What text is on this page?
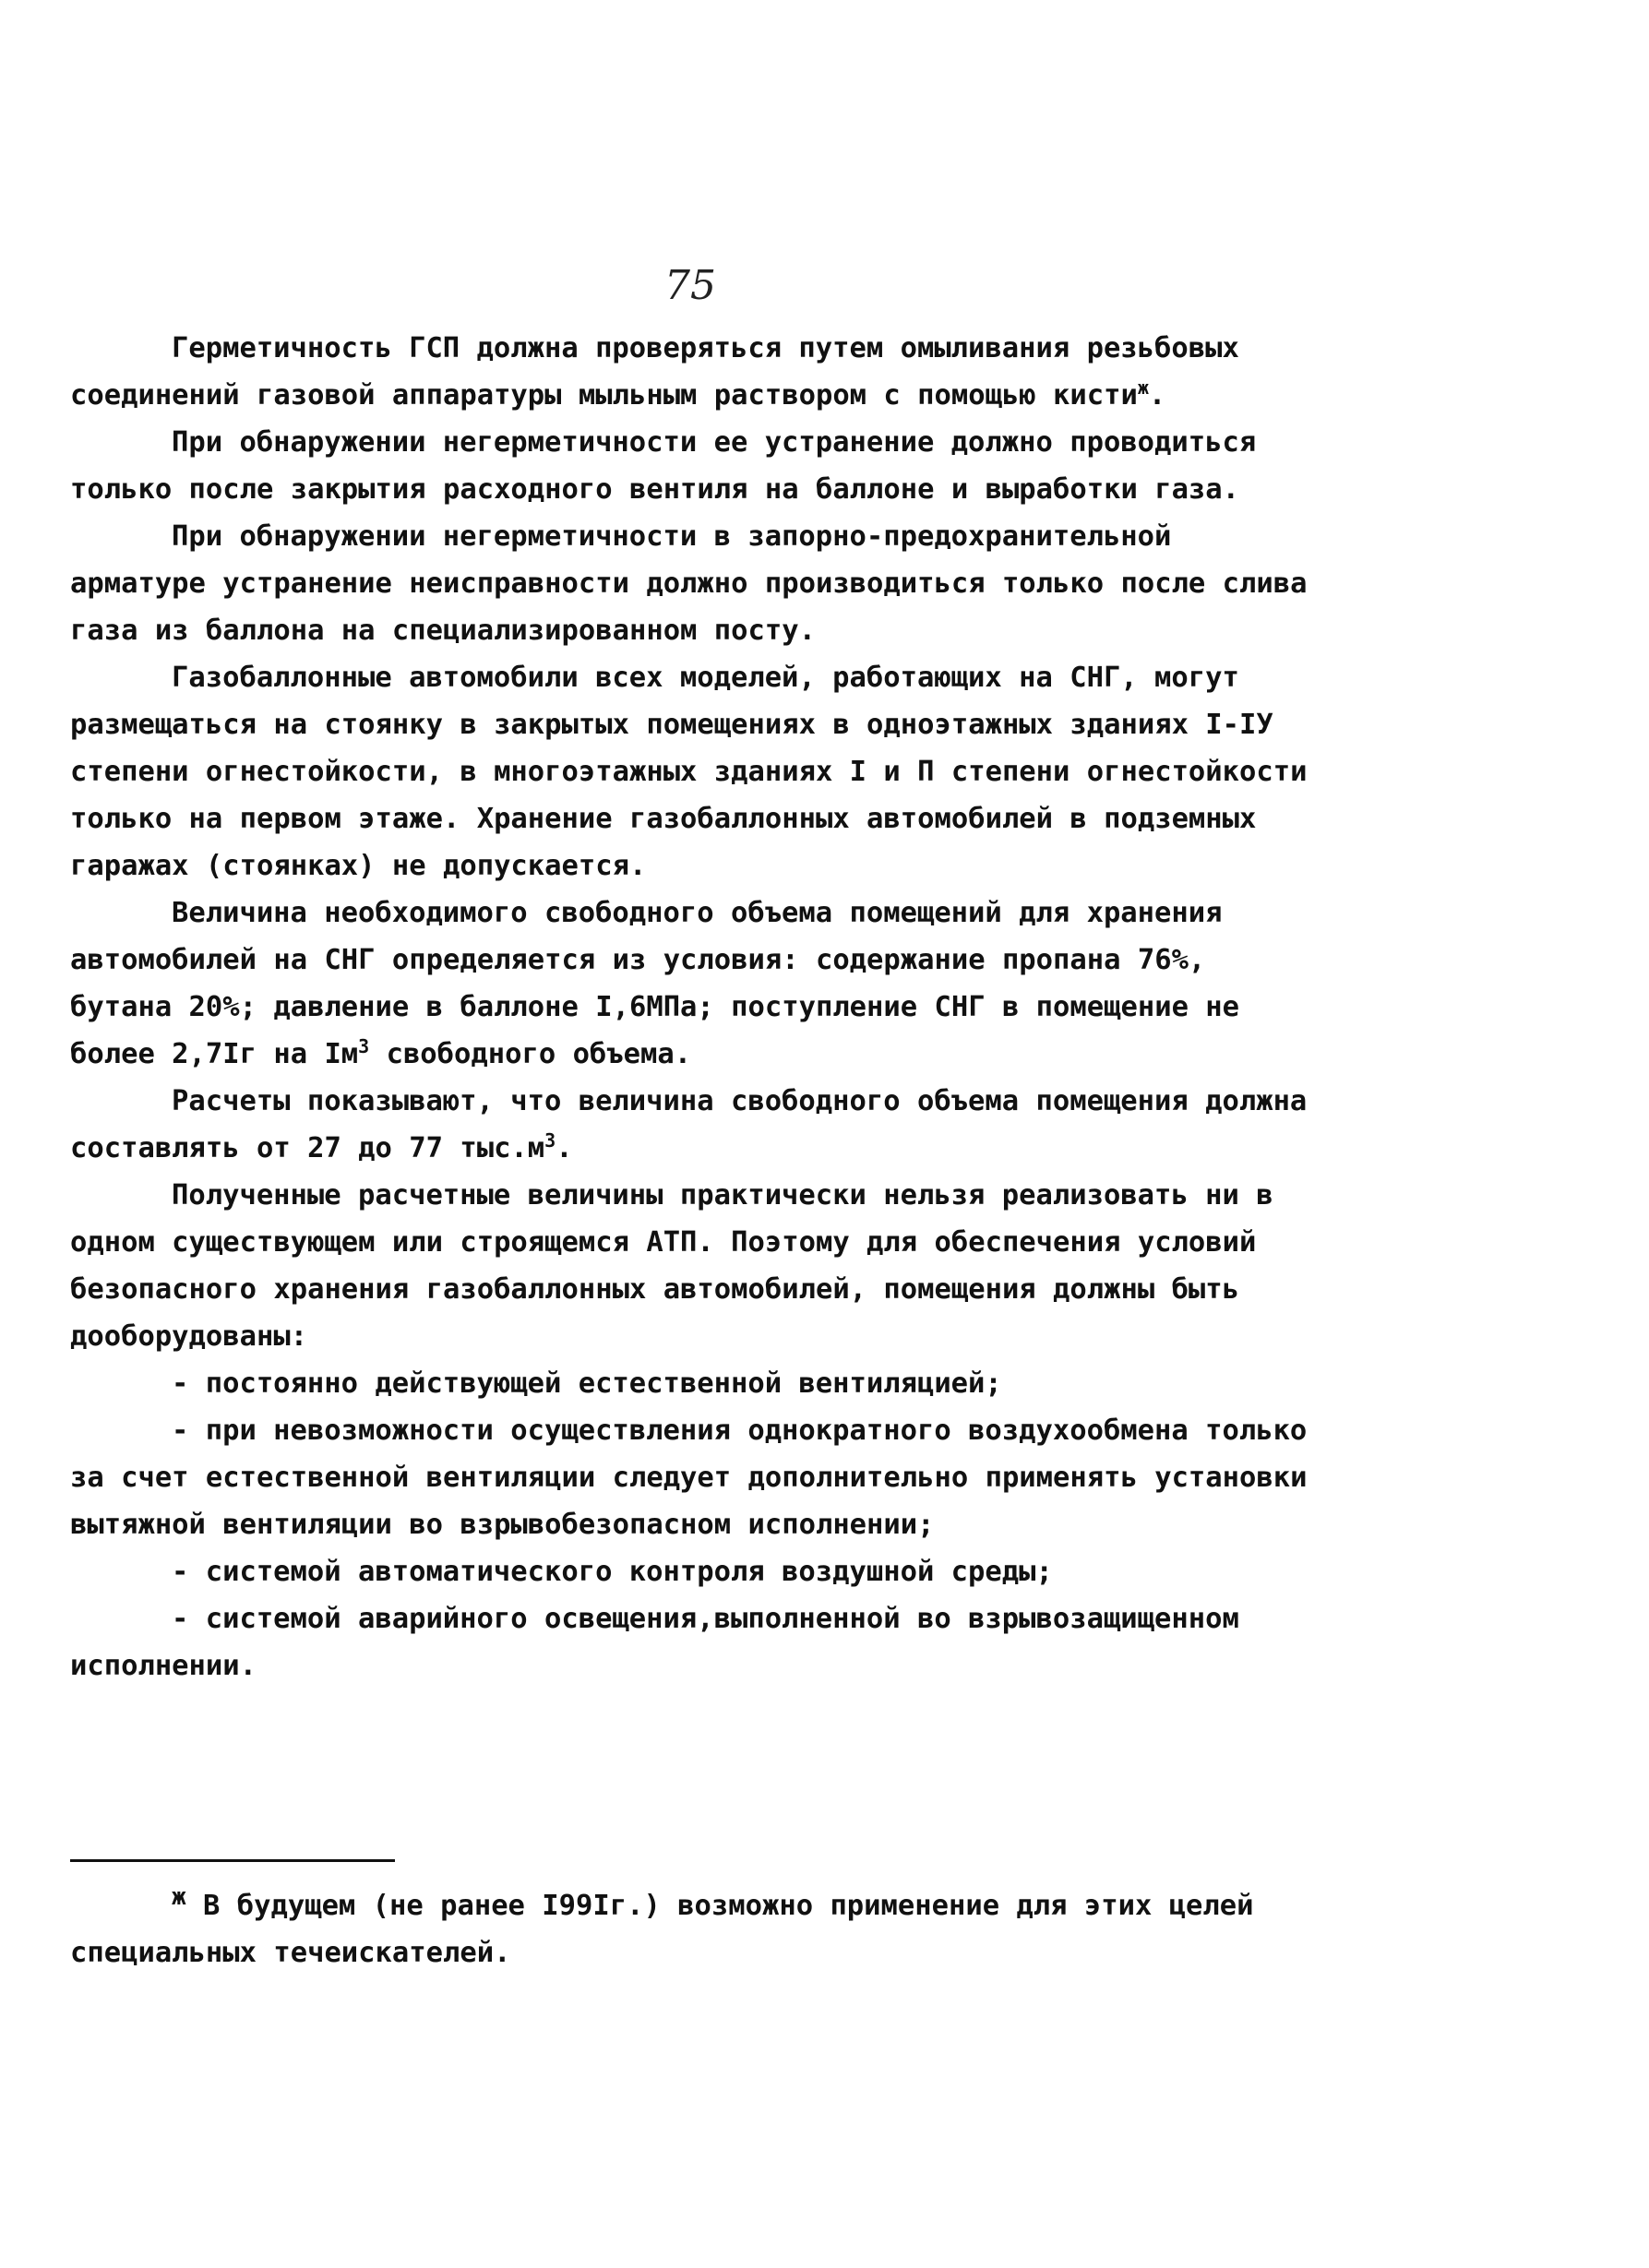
75

Герметичность ГСП должна проверяться путем омыливания резьбовых соединений газовой аппаратуры мыльным раствором с помощью кисти$^ж$.

При обнаружении негерметичности ее устранение должно проводиться только после закрытия расходного вентиля на баллоне и выработки газа.

При обнаружении негерметичности в запорно-предохранительной арматуре устранение неисправности должно производиться только после слива газа из баллона на специализированном посту.

Газобаллонные автомобили всех моделей, работающих на СНГ, могут размещаться на стоянку в закрытых помещениях в одноэтажных зданиях I-IУ степени огнестойкости, в многоэтажных зданиях I и П степени огнестойкости только на первом этаже. Хранение газобаллонных автомобилей в подземных гаражах (стоянках) не допускается.

Величина необходимого свободного объема помещений для хранения автомобилей на СНГ определяется из условия: содержание пропана 76%, бутана 20%; давление в баллоне I,6МПа; поступление СНГ в помещение не более 2,7Iг на $Iм^3$ свободного объема.

Расчеты показывают, что величина свободного объема помещения должна составлять от 27 до 77 $тыс.м^3$.

Полученные расчетные величины практически нельзя реализовать ни в одном существующем или строящемся АТП. Поэтому для обеспечения условий безопасного хранения газобаллонных автомобилей, помещения должны быть дооборудованы:

- постоянно действующей естественной вентиляцией;

- при невозможности осуществления однократного воздухообмена только за счет естественной вентиляции следует дополнительно применять установки вытяжной вентиляции во взрывобезопасном исполнении;

- системой автоматического контроля воздушной среды;

- системой аварийного освещения,выполненной во взрывозащищенном исполнении.

ж В будущем (не ранее I99Iг.) возможно применение для этих целей специальных течеискателей.
